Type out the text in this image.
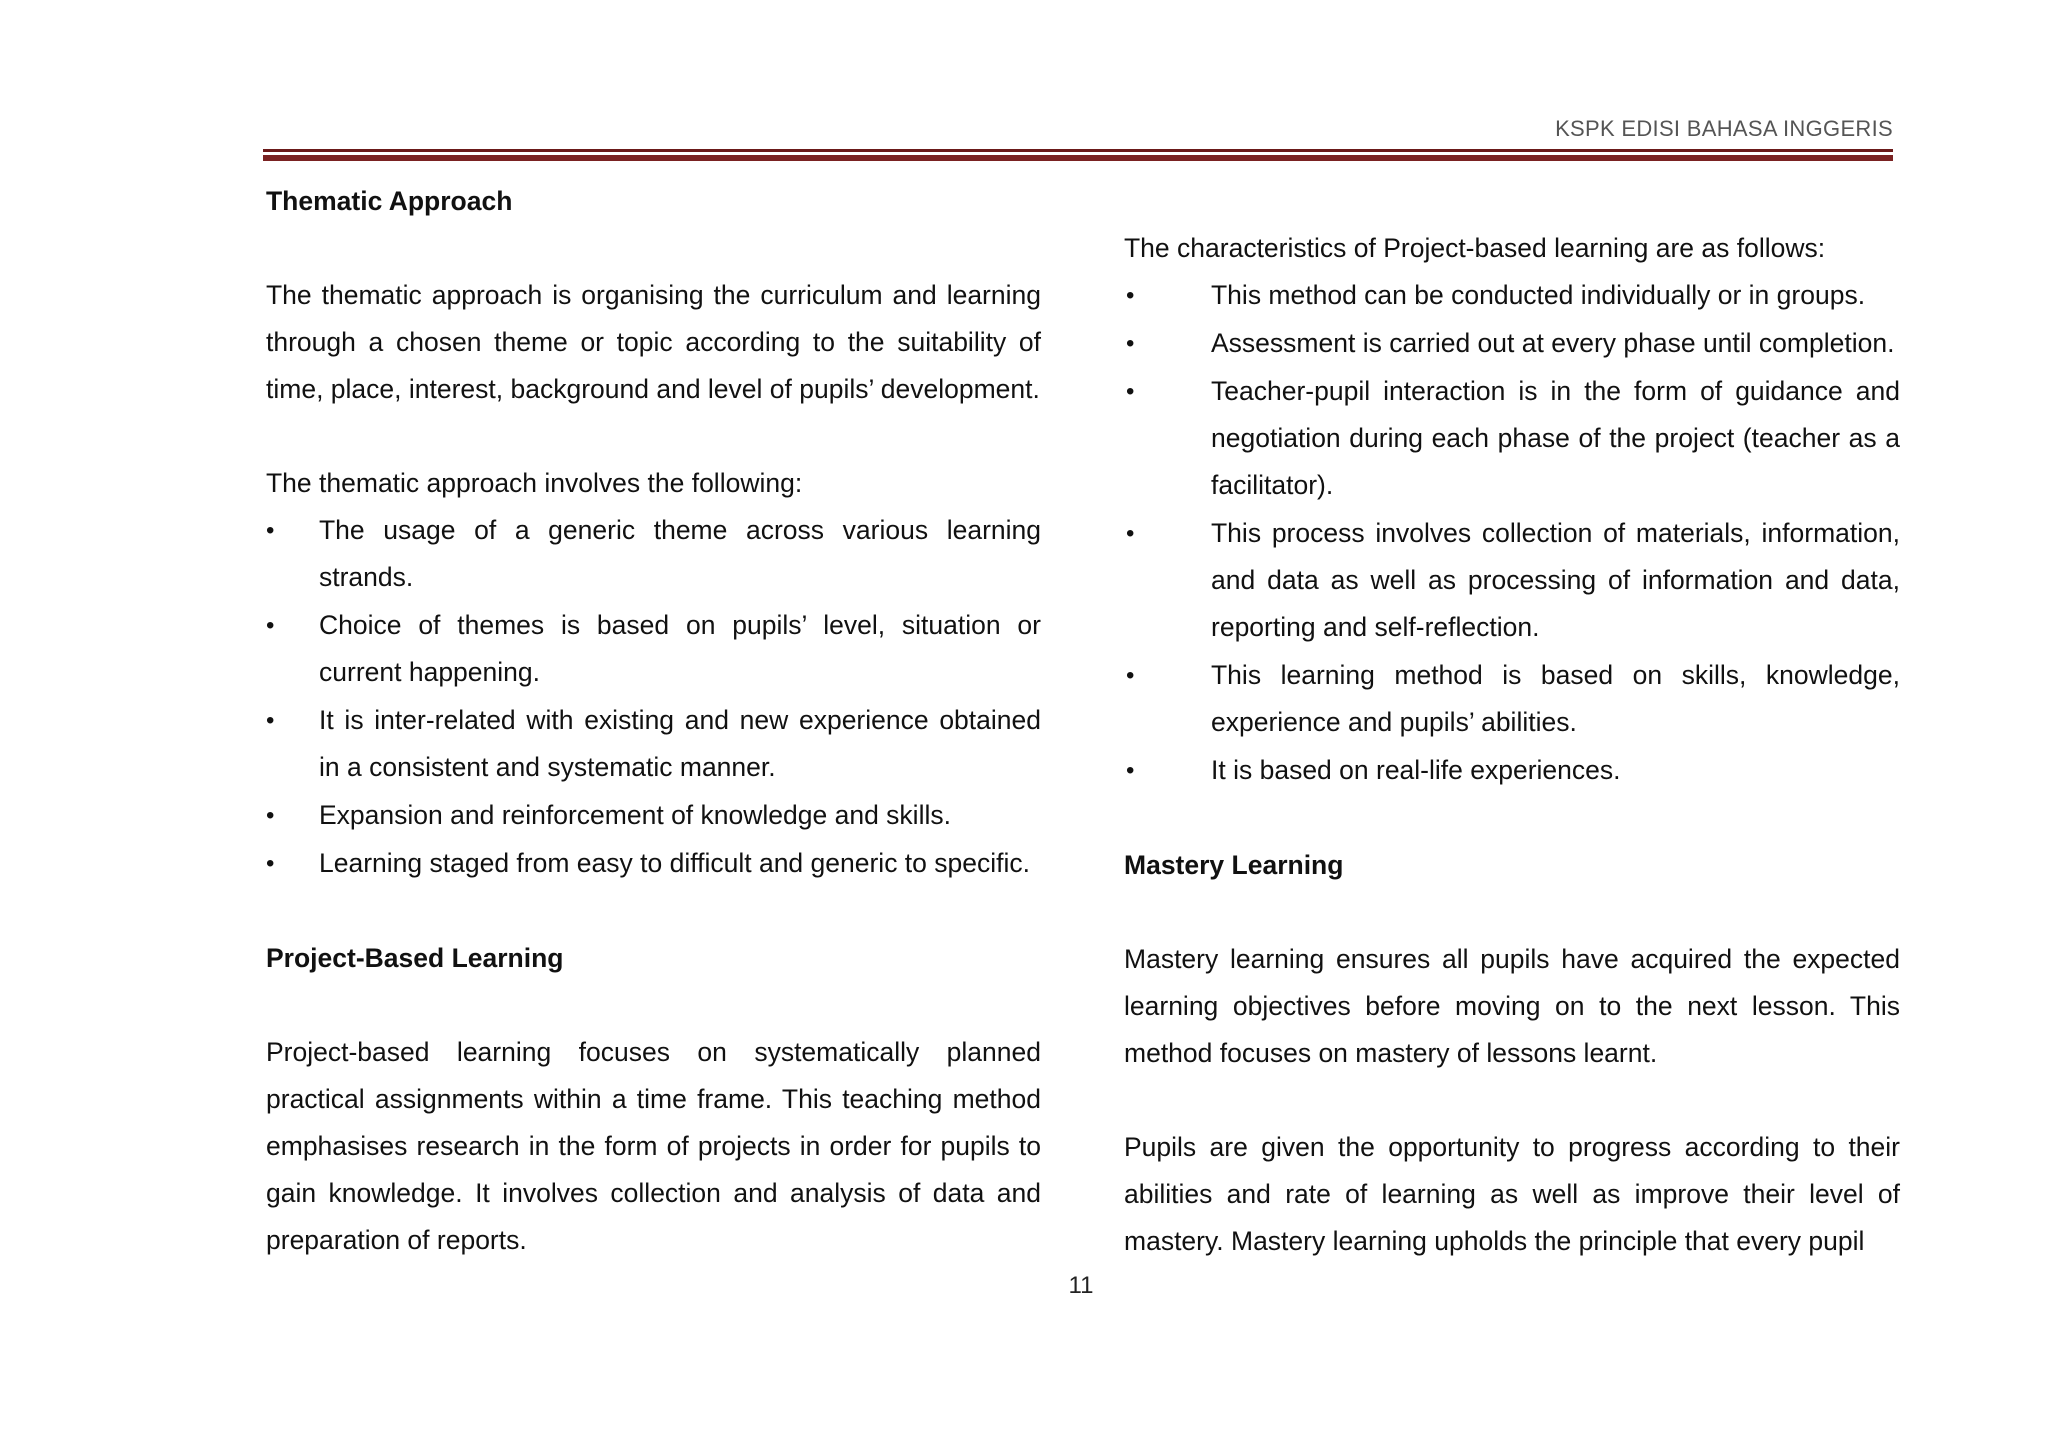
KSPK EDISI BAHASA INGGERIS

Thematic Approach

The thematic approach is organising the curriculum and learning through a chosen theme or topic according to the suitability of time, place, interest, background and level of pupils’ development.

The thematic approach involves the following:

•	The usage of a generic theme across various learning strands.
•	Choice of themes is based on pupils’ level, situation or current happening.
•	It is inter-related with existing and new experience obtained in a consistent and systematic manner.
•	Expansion and reinforcement of knowledge and skills.
•	Learning staged from easy to difficult and generic to specific.

Project-Based Learning

Project-based learning focuses on systematically planned practical assignments within a time frame. This teaching method emphasises research in the form of projects in order for pupils to gain knowledge. It involves collection and analysis of data and preparation of reports.

The characteristics of Project-based learning are as follows:

•	This method can be conducted individually or in groups.
•	Assessment is carried out at every phase until completion.
•	Teacher-pupil interaction is in the form of guidance and negotiation during each phase of the project (teacher as a facilitator).
•	This process involves collection of materials, information, and data as well as processing of information and data, reporting and self-reflection.
•	This learning method is based on skills, knowledge, experience and pupils’ abilities.
•	It is based on real-life experiences.

Mastery Learning

Mastery learning ensures all pupils have acquired the expected learning objectives before moving on to the next lesson. This method focuses on mastery of lessons learnt.

Pupils are given the opportunity to progress according to their abilities and rate of learning as well as improve their level of mastery. Mastery learning upholds the principle that every pupil

11
